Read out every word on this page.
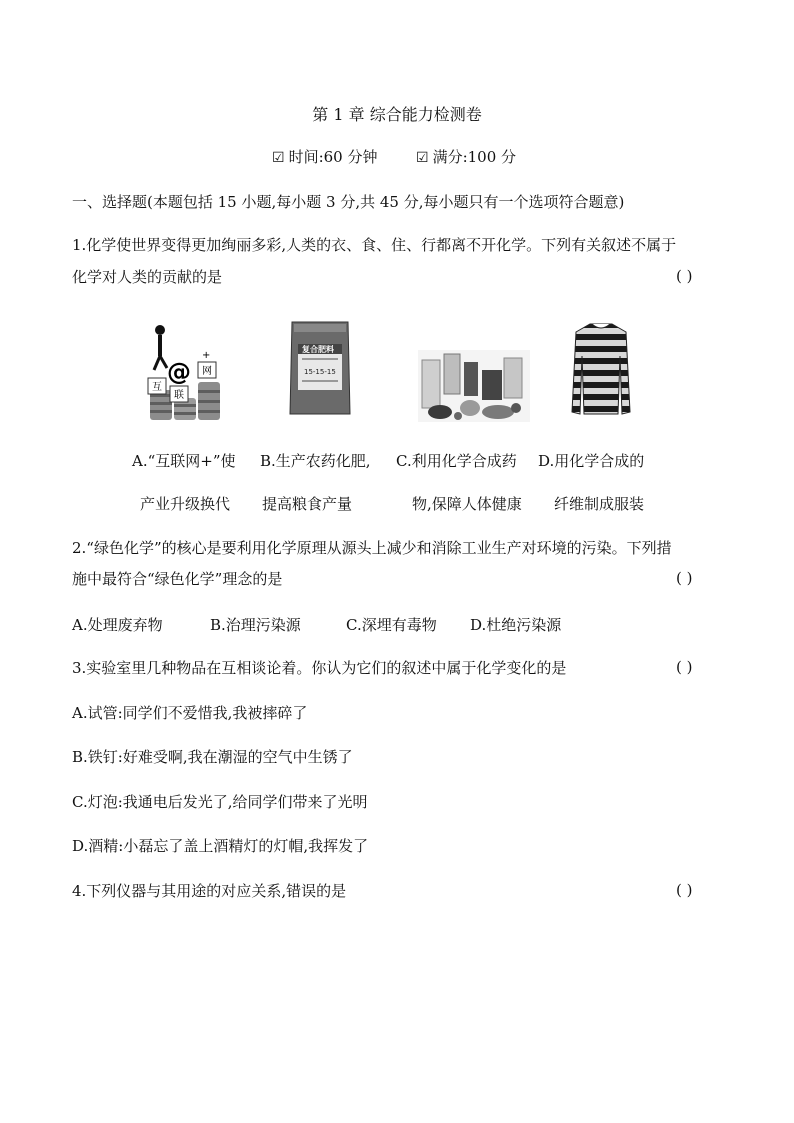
第 1 章 综合能力检测卷
☑ 时间:60 分钟	☑ 满分:100 分
一、选择题(本题包括 15 小题,每小题 3 分,共 45 分,每小题只有一个选项符合题意)
1.化学使世界变得更加绚丽多彩,人类的衣、食、住、行都离不开化学。下列有关叙述不属于
化学对人类的贡献的是	( )
互
@ 网
联
+
复合肥料
15-15-15
A.“互联网+”使 B.生产农药化肥, C.利用化学合成药 D.用化学合成的
产业升级换代 提高粮食产量	物,保障人体健康 纤维制成服装
2.“绿色化学”的核心是要利用化学原理从源头上减少和消除工业生产对环境的污染。下列措
施中最符合“绿色化学”理念的是	( )
A.处理废弃物	B.治理污染源	C.深埋有毒物 D.杜绝污染源
3.实验室里几种物品在互相谈论着。你认为它们的叙述中属于化学变化的是	( )
A.试管:同学们不爱惜我,我被摔碎了
B.铁钉:好难受啊,我在潮湿的空气中生锈了
C.灯泡:我通电后发光了,给同学们带来了光明
D.酒精:小磊忘了盖上酒精灯的灯帽,我挥发了
4.下列仪器与其用途的对应关系,错误的是	( )
